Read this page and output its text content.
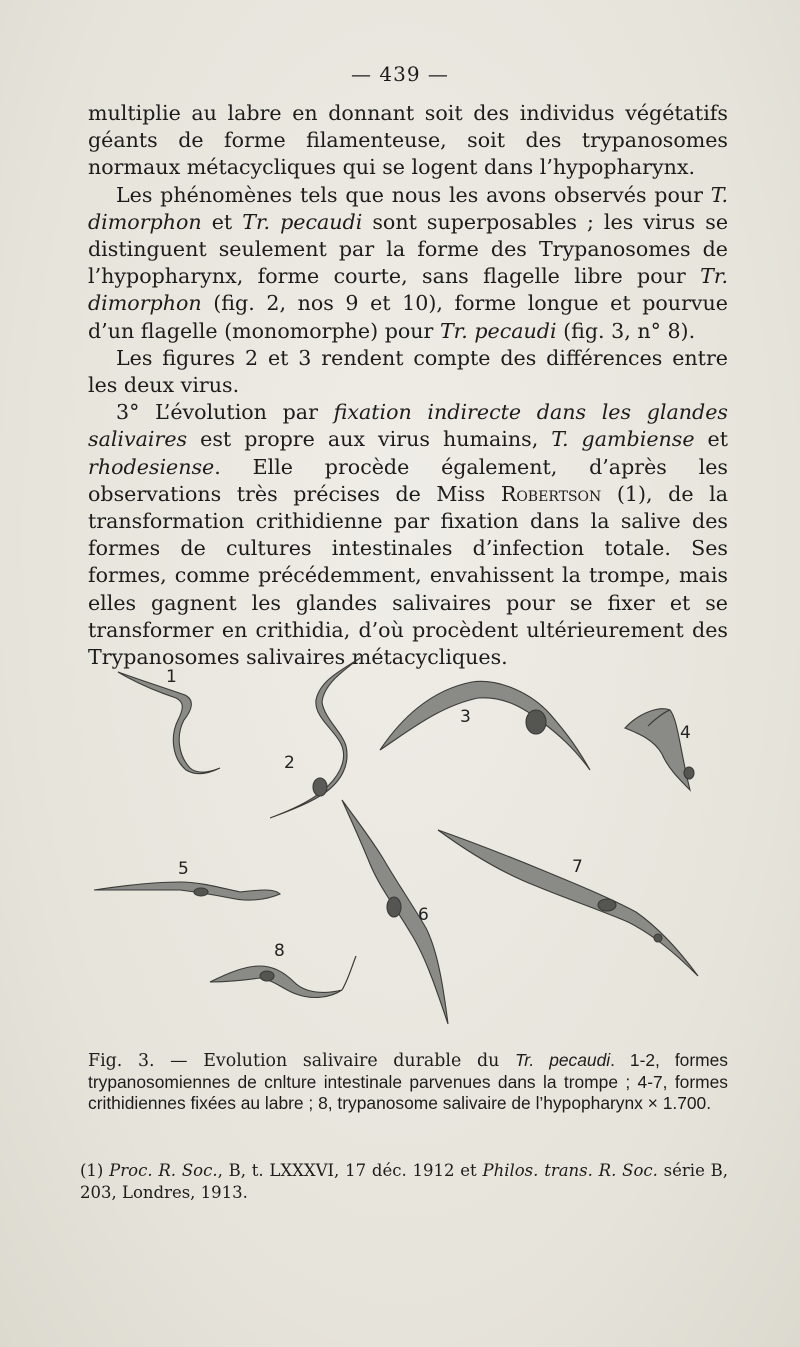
— 439 —

multiplie au labre en donnant soit des individus végétatifs géants de forme filamenteuse, soit des trypanosomes normaux métacycliques qui se logent dans l’hypopharynx.

Les phénomènes tels que nous les avons observés pour T. dimorphon et Tr. pecaudi sont superposables ; les virus se distinguent seulement par la forme des Trypanosomes de l’hypopharynx, forme courte, sans flagelle libre pour Tr. dimorphon (fig. 2, nos 9 et 10), forme longue et pourvue d’un flagelle (monomorphe) pour Tr. pecaudi (fig. 3, n° 8).

Les figures 2 et 3 rendent compte des différences entre les deux virus.

3° L’évolution par fixation indirecte dans les glandes salivaires est propre aux virus humains, T. gambiense et rhodesiense. Elle procède également, d’après les observations très précises de Miss Robertson (1), de la transformation crithidienne par fixation dans la salive des formes de cultures intestinales d’infection totale. Ses formes, comme précédemment, envahissent la trompe, mais elles gagnent les glandes salivaires pour se fixer et se transformer en crithidia, d’où procèdent ultérieurement des Trypanosomes salivaires métacycliques.

1
2
3
4
5
6
7
8
Fig. 3. — Evolution salivaire durable du Tr. pecaudi. 1-2, formes trypanosomiennes de cnlture intestinale parvenues dans la trompe ; 4-7, formes crithidiennes fixées au labre ; 8, trypanosome salivaire de l’hypopharynx × 1.700.
(1) Proc. R. Soc., B, t. LXXXVI, 17 déc. 1912 et Philos. trans. R. Soc. série B, 203, Londres, 1913.
